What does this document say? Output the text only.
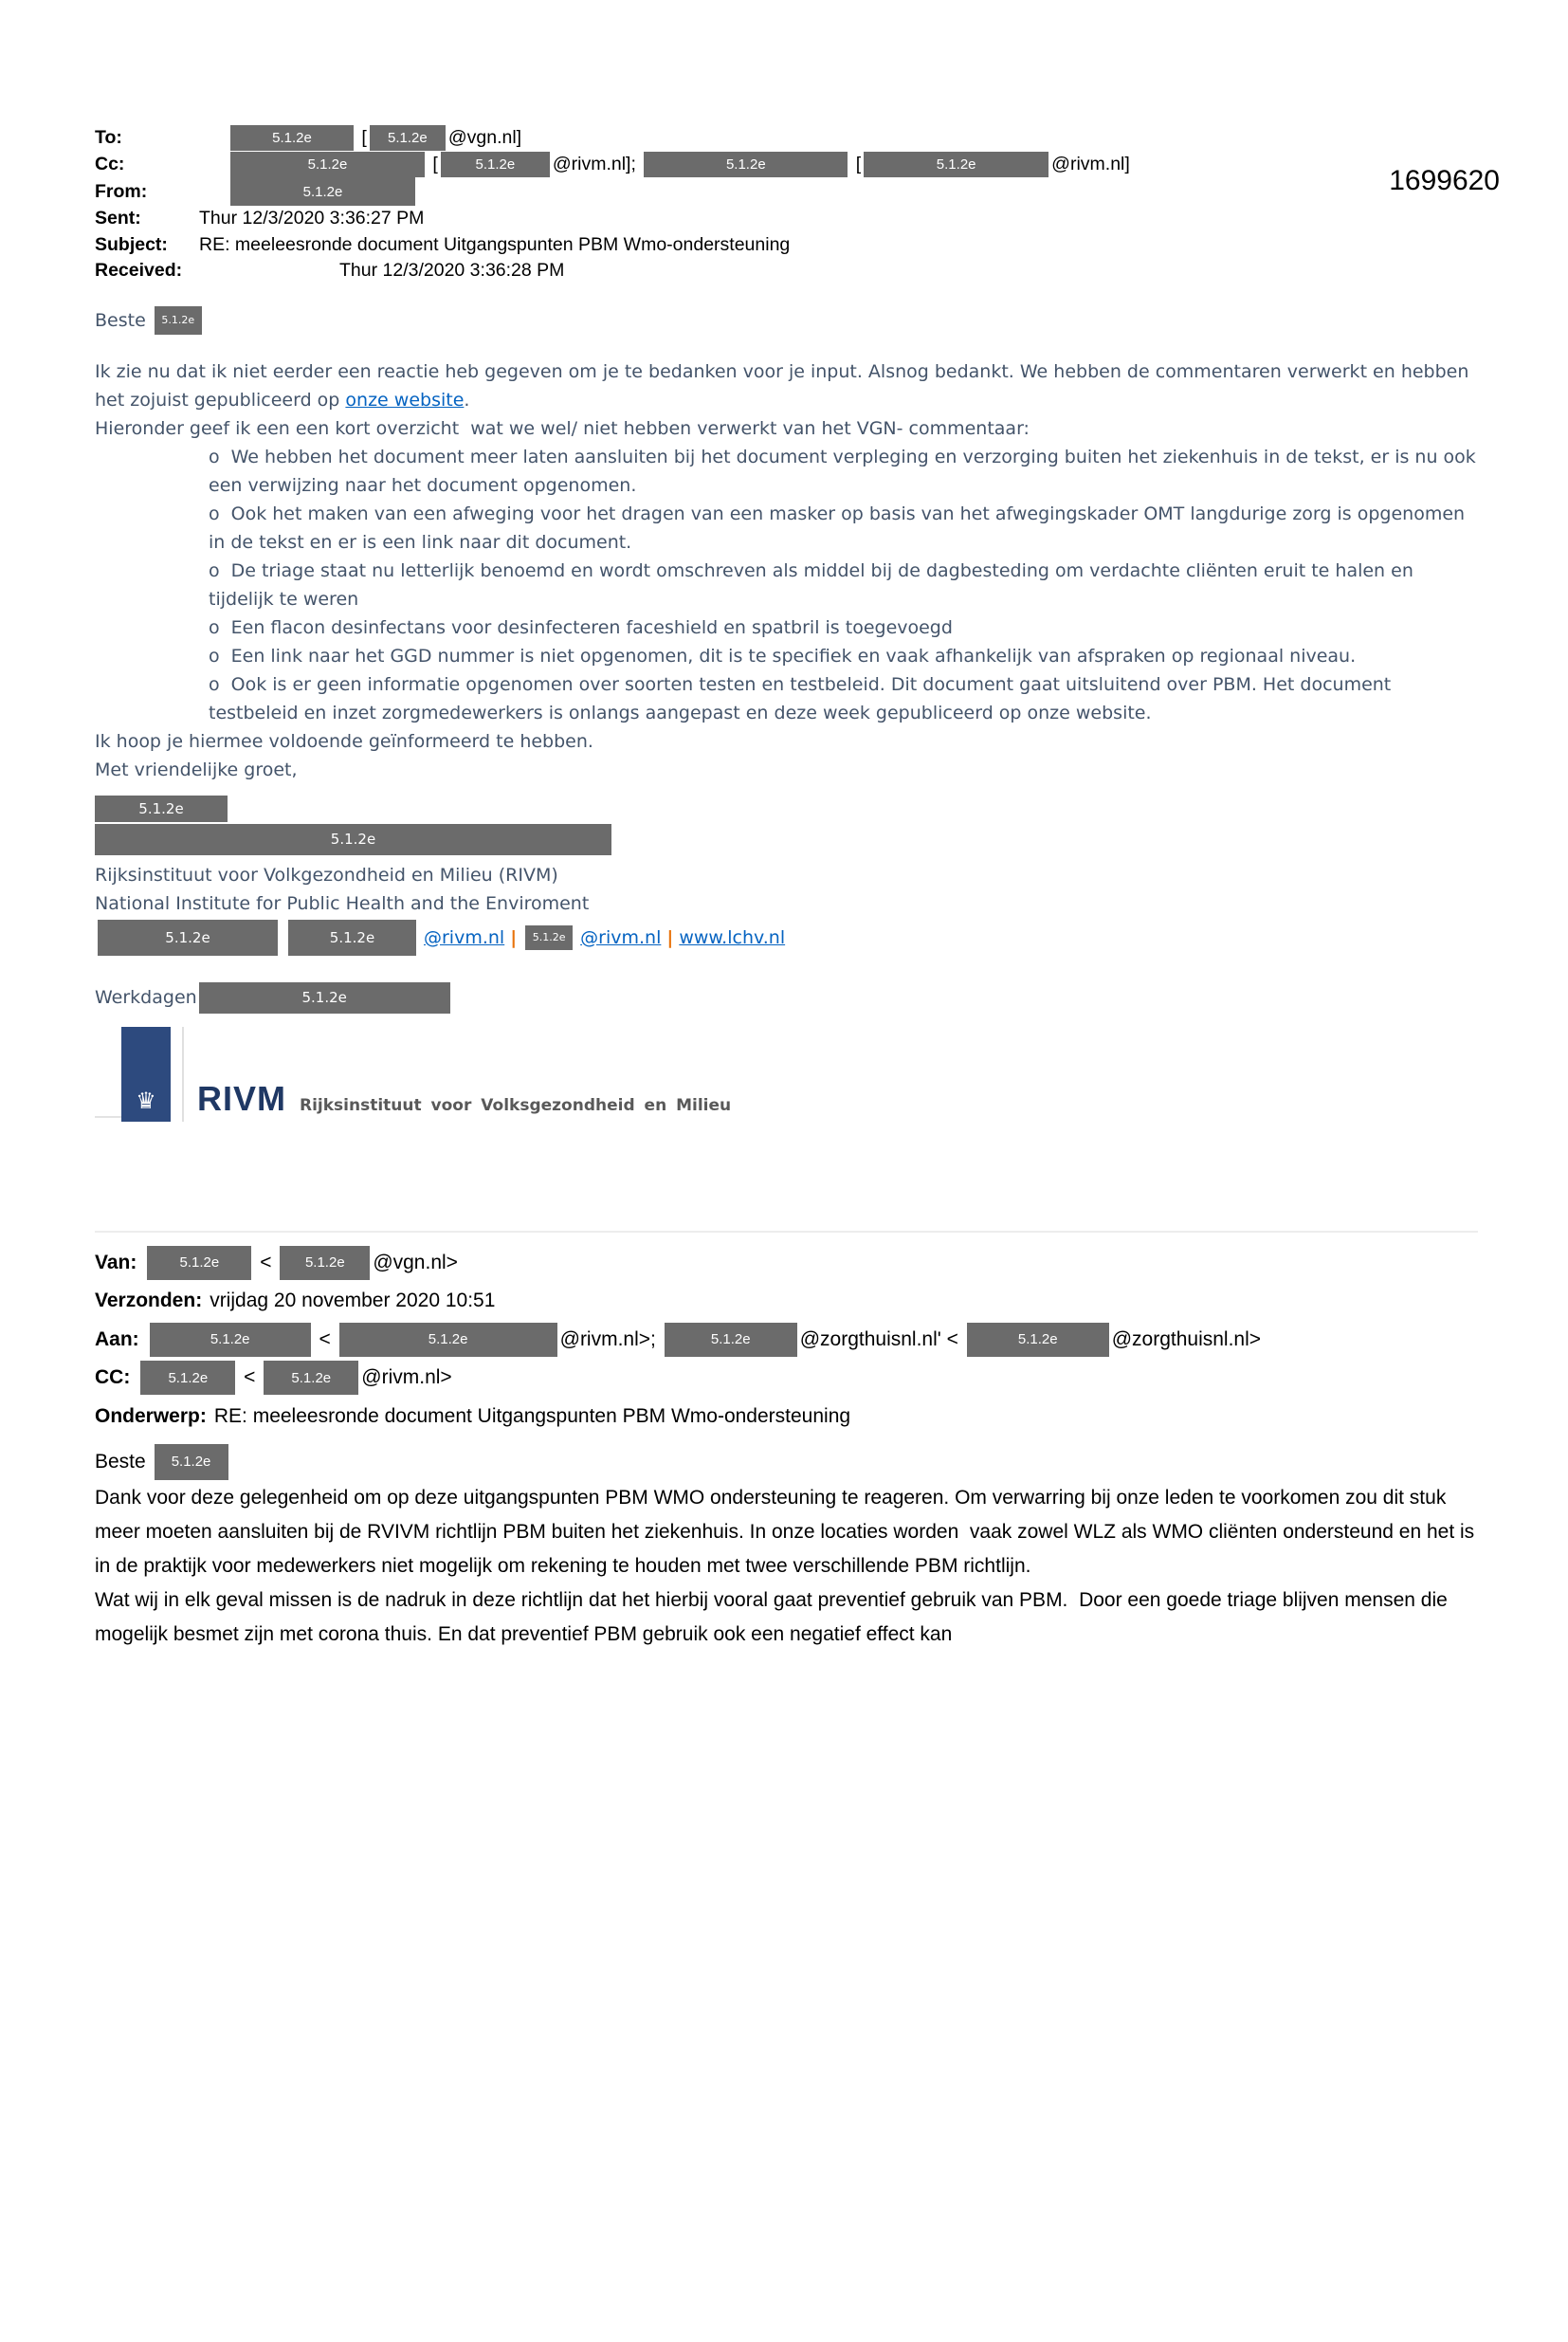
1699620
To:	5.1.2e	[	5.1.2e	@vgn.nl]
Cc:	5.1.2e	[	5.1.2e	@rivm.nl];	5.1.2e	[	5.1.2e	@rivm.nl]
From:	5.1.2e
Sent:	Thur 12/3/2020 3:36:27 PM
Subject:	RE: meeleesronde document Uitgangspunten PBM Wmo-ondersteuning
Received:	Thur 12/3/2020 3:36:28 PM
Beste 5.1.2e

Ik zie nu dat ik niet eerder een reactie heb gegeven om je te bedanken voor je input. Alsnog bedankt. We hebben de commentaren verwerkt en hebben het zojuist gepubliceerd op onze website.

Hieronder geef ik een een kort overzicht  wat we wel/ niet hebben verwerkt van het VGN- commentaar:

o We hebben het document meer laten aansluiten bij het document verpleging en verzorging buiten het ziekenhuis in de tekst, er is nu ook een verwijzing naar het document opgenomen.
o Ook het maken van een afweging voor het dragen van een masker op basis van het afwegingskader OMT langdurige zorg is opgenomen in de tekst en er is een link naar dit document.
o De triage staat nu letterlijk benoemd en wordt omschreven als middel bij de dagbesteding om verdachte cliënten eruit te halen en tijdelijk te weren
o Een flacon desinfectans voor desinfecteren faceshield en spatbril is toegevoegd
o Een link naar het GGD nummer is niet opgenomen, dit is te specifiek en vaak afhankelijk van afspraken op regionaal niveau.
o Ook is er geen informatie opgenomen over soorten testen en testbeleid. Dit document gaat uitsluitend over PBM. Het document testbeleid en inzet zorgmedewerkers is onlangs aangepast en deze week gepubliceerd op onze website.

Ik hoop je hiermee voldoende geïnformeerd te hebben.

Met vriendelijke groet,

5.1.2e
5.1.2e

Rijksinstituut voor Volkgezondheid en Milieu (RIVM)

National Institute for Public Health and the Enviroment

5.1.2e	5.1.2e	@rivm.nl |	5.1.2e @rivm.nl | www.lchv.nl
Werkdagen	5.1.2e
♛ RIVM Rijksinstituut voor Volksgezondheid en Milieu
Van:	5.1.2e	<	5.1.2e	@vgn.nl>
Verzonden: vrijdag 20 november 2020 10:51
Aan:	5.1.2e	<	5.1.2e	@rivm.nl>;	5.1.2e	@zorgthuisnl.nl' <	5.1.2e	@zorgthuisnl.nl>
CC:	5.1.2e	<	5.1.2e	@rivm.nl>
Onderwerp: RE: meeleesronde document Uitgangspunten PBM Wmo-ondersteuning
Beste	5.1.2e

Dank voor deze gelegenheid om op deze uitgangspunten PBM WMO ondersteuning te reageren. Om verwarring bij onze leden te voorkomen zou dit stuk meer moeten aansluiten bij de RVIVM richtlijn PBM buiten het ziekenhuis. In onze locaties worden  vaak zowel WLZ als WMO cliënten ondersteund en het is in de praktijk voor medewerkers niet mogelijk om rekening te houden met twee verschillende PBM richtlijn.

Wat wij in elk geval missen is de nadruk in deze richtlijn dat het hierbij vooral gaat preventief gebruik van PBM.  Door een goede triage blijven mensen die mogelijk besmet zijn met corona thuis. En dat preventief PBM gebruik ook een negatief effect kan
